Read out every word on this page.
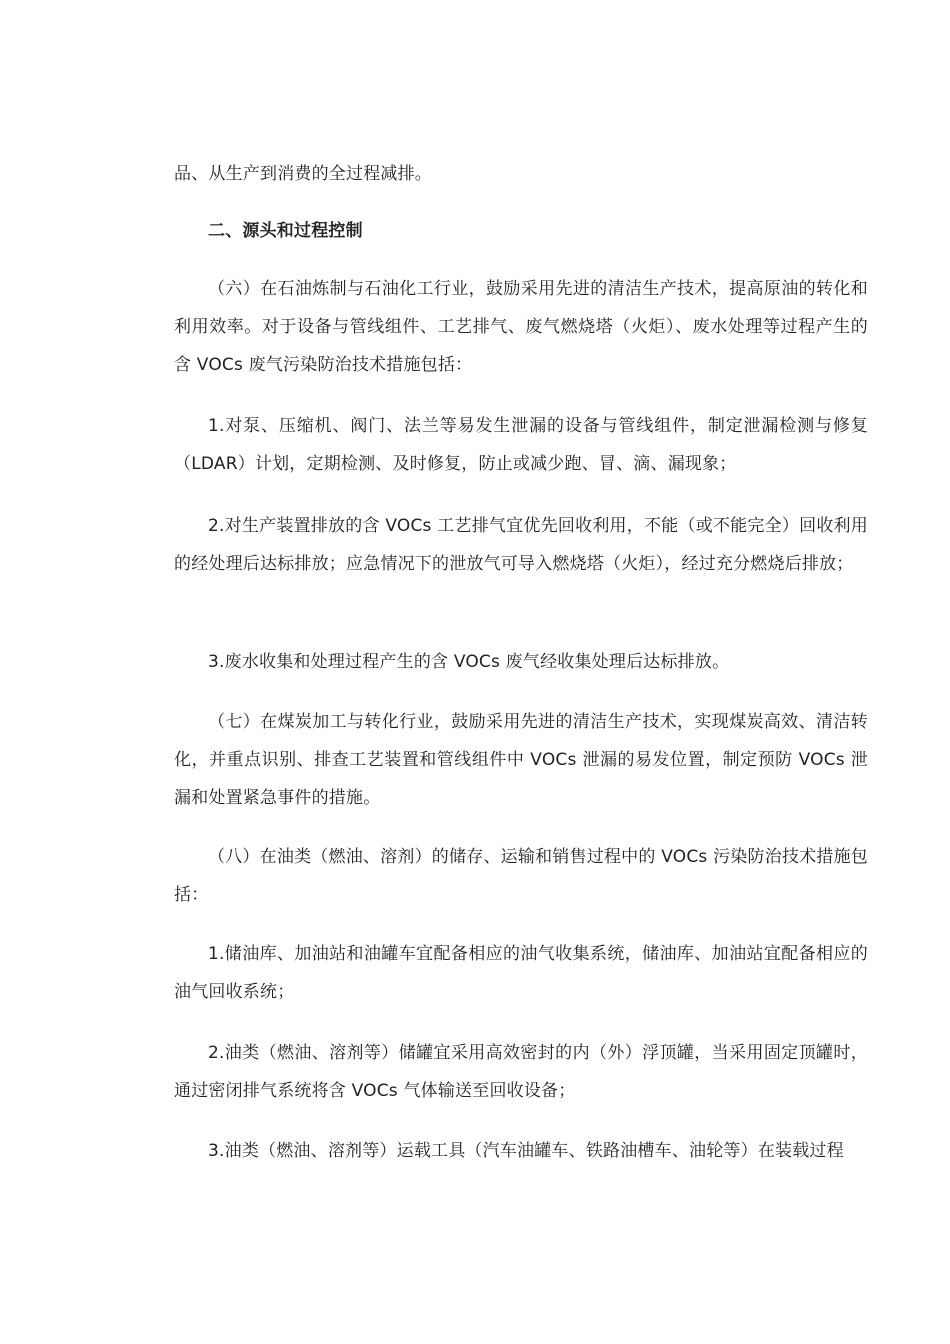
品、从生产到消费的全过程减排。

二、源头和过程控制

（六）在石油炼制与石油化工行业，鼓励采用先进的清洁生产技术，提高原油的转化和利用效率。对于设备与管线组件、工艺排气、废气燃烧塔（火炬）、废水处理等过程产生的含 VOCs 废气污染防治技术措施包括：

1.对泵、压缩机、阀门、法兰等易发生泄漏的设备与管线组件，制定泄漏检测与修复（LDAR）计划，定期检测、及时修复，防止或减少跑、冒、滴、漏现象；

2.对生产装置排放的含 VOCs 工艺排气宜优先回收利用，不能（或不能完全）回收利用的经处理后达标排放；应急情况下的泄放气可导入燃烧塔（火炬），经过充分燃烧后排放；

3.废水收集和处理过程产生的含 VOCs 废气经收集处理后达标排放。

（七）在煤炭加工与转化行业，鼓励采用先进的清洁生产技术，实现煤炭高效、清洁转化，并重点识别、排查工艺装置和管线组件中 VOCs 泄漏的易发位置，制定预防 VOCs 泄漏和处置紧急事件的措施。

（八）在油类（燃油、溶剂）的储存、运输和销售过程中的 VOCs 污染防治技术措施包括：

1.储油库、加油站和油罐车宜配备相应的油气收集系统，储油库、加油站宜配备相应的油气回收系统；

2.油类（燃油、溶剂等）储罐宜采用高效密封的内（外）浮顶罐，当采用固定顶罐时，通过密闭排气系统将含 VOCs 气体输送至回收设备；

3.油类（燃油、溶剂等）运载工具（汽车油罐车、铁路油槽车、油轮等）在装载过程
